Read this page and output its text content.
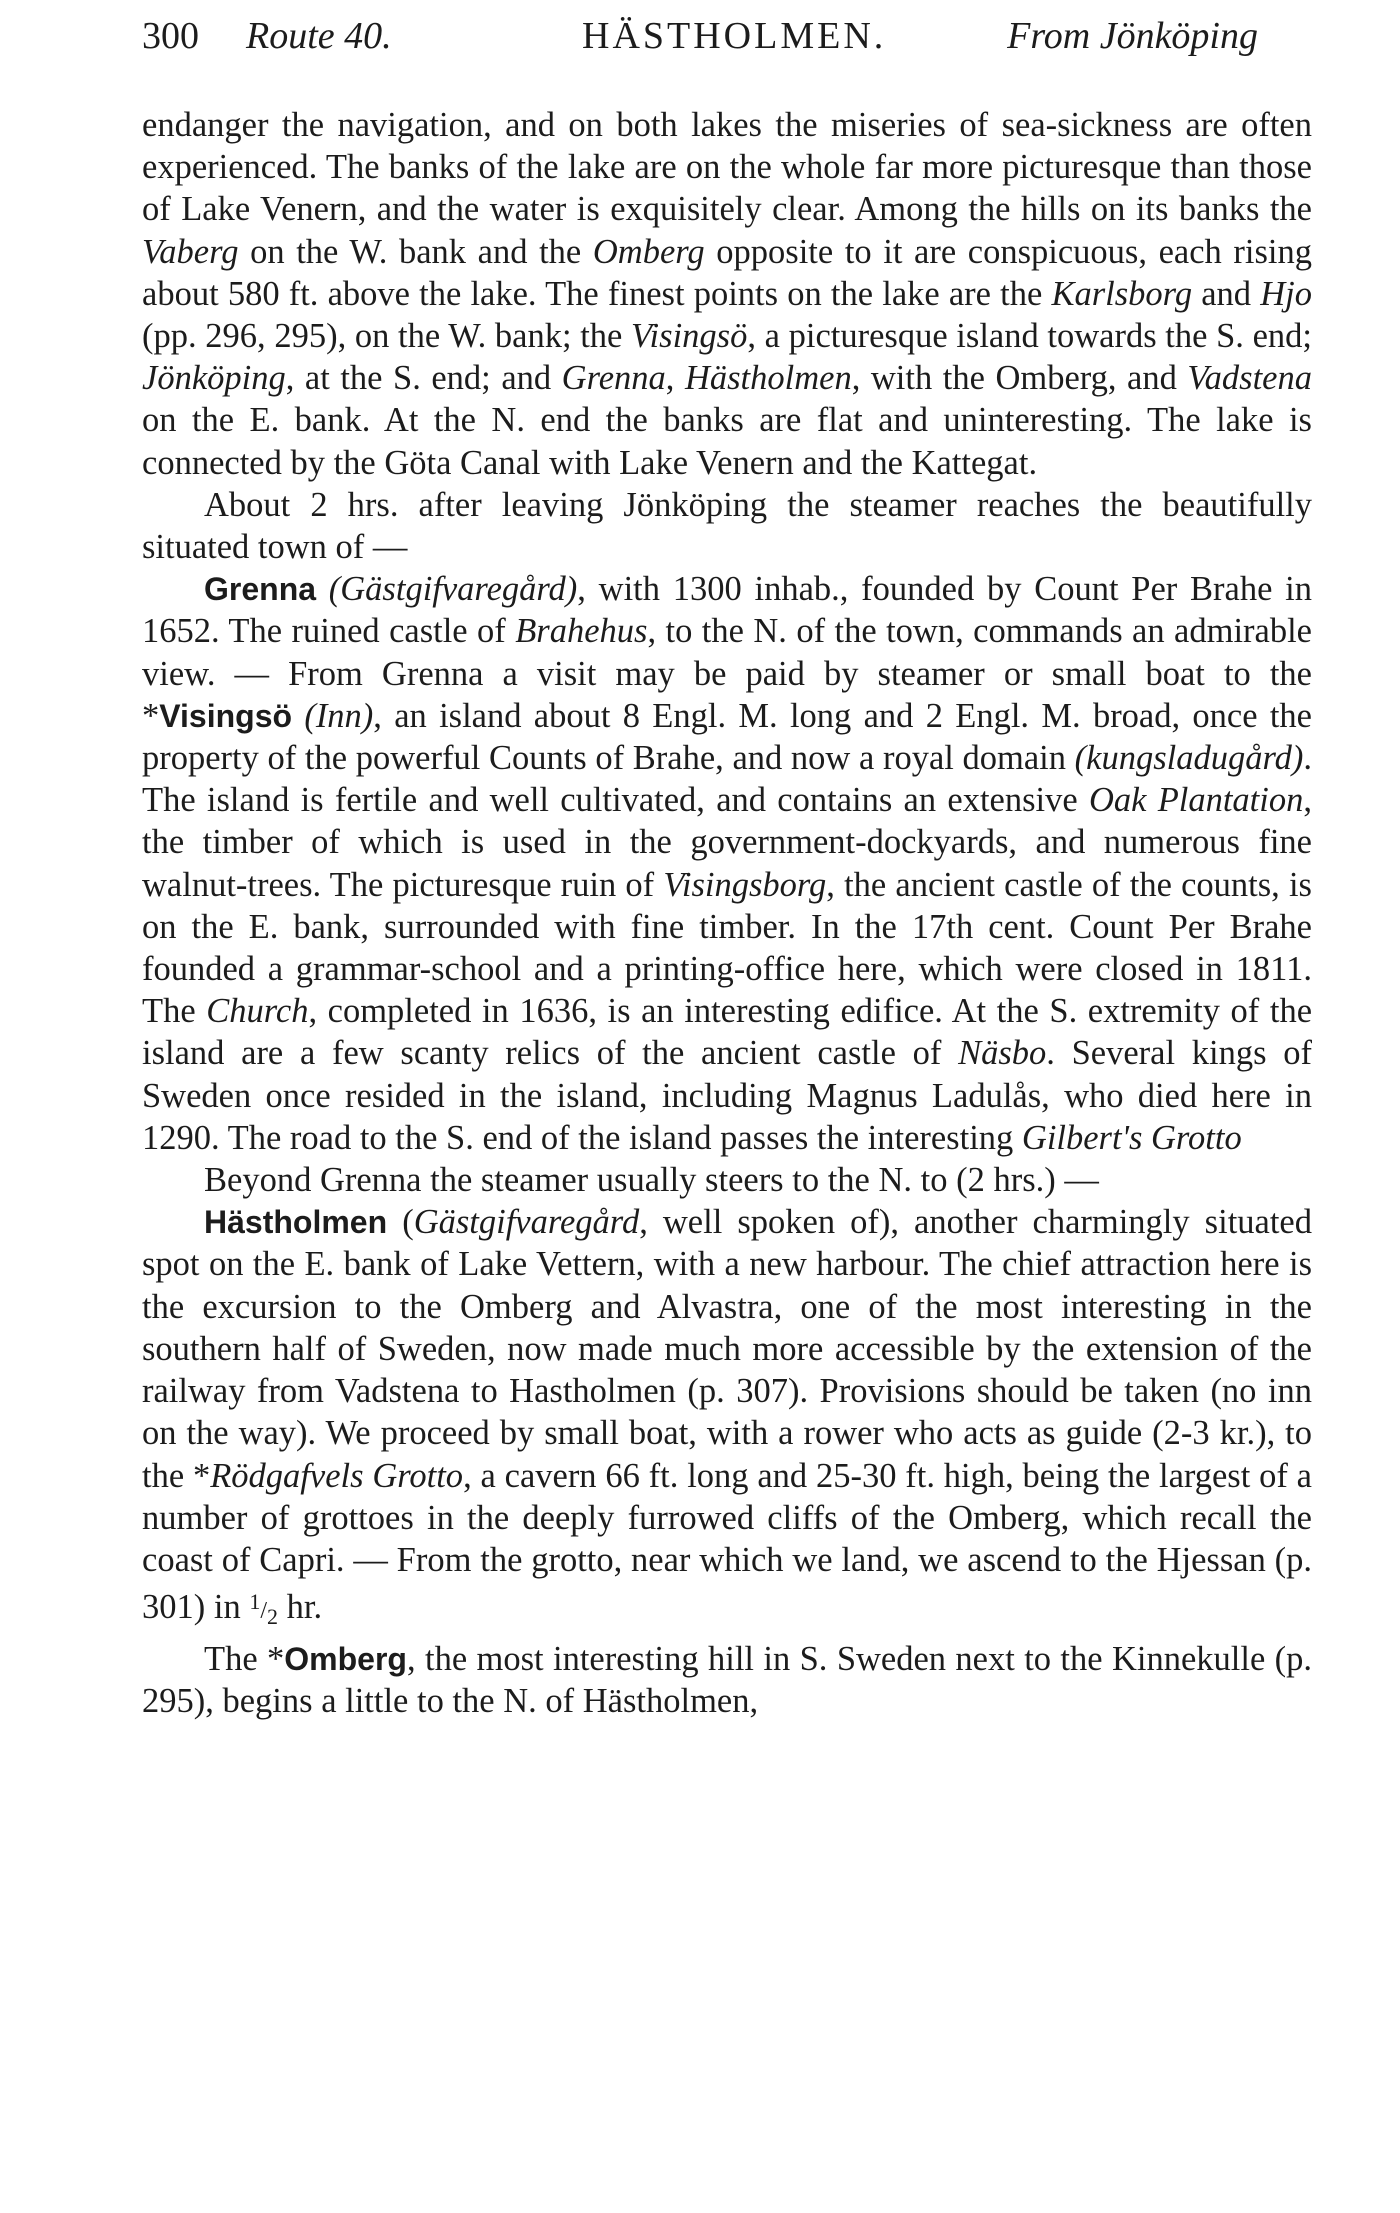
300 Route 40.	HÄSTHOLMEN.	From Jönköping

endanger the navigation, and on both lakes the miseries of sea-sickness are often experienced. The banks of the lake are on the whole far more picturesque than those of Lake Venern, and the water is exquisitely clear. Among the hills on its banks the Vaberg on the W. bank and the Omberg opposite to it are conspicuous, each rising about 580 ft. above the lake. The finest points on the lake are the Karlsborg and Hjo (pp. 296, 295), on the W. bank; the Visingsö, a picturesque island towards the S. end; Jönköping, at the S. end; and Grenna, Hästholmen, with the Omberg, and Vadstena on the E. bank. At the N. end the banks are flat and uninteresting. The lake is connected by the Göta Canal with Lake Venern and the Kattegat.

About 2 hrs. after leaving Jönköping the steamer reaches the beautifully situated town of —

Grenna (Gästgifvaregård), with 1300 inhab., founded by Count Per Brahe in 1652. The ruined castle of Brahehus, to the N. of the town, commands an admirable view. — From Grenna a visit may be paid by steamer or small boat to the *Visingsö (Inn), an island about 8 Engl. M. long and 2 Engl. M. broad, once the property of the powerful Counts of Brahe, and now a royal domain (kungsladugård). The island is fertile and well cultivated, and contains an extensive Oak Plantation, the timber of which is used in the government-dockyards, and numerous fine walnut-trees. The picturesque ruin of Visingsborg, the ancient castle of the counts, is on the E. bank, surrounded with fine timber. In the 17th cent. Count Per Brahe founded a grammar-school and a printing-office here, which were closed in 1811. The Church, completed in 1636, is an interesting edifice. At the S. extremity of the island are a few scanty relics of the ancient castle of Näsbo. Several kings of Sweden once resided in the island, including Magnus Ladulås, who died here in 1290. The road to the S. end of the island passes the interesting Gilbert's Grotto

Beyond Grenna the steamer usually steers to the N. to (2 hrs.) —

Hästholmen (Gästgifvaregård, well spoken of), another charmingly situated spot on the E. bank of Lake Vettern, with a new harbour. The chief attraction here is the excursion to the Omberg and Alvastra, one of the most interesting in the southern half of Sweden, now made much more accessible by the extension of the railway from Vadstena to Hastholmen (p. 307). Provisions should be taken (no inn on the way). We proceed by small boat, with a rower who acts as guide (2-3 kr.), to the *Rödgafvels Grotto, a cavern 66 ft. long and 25-30 ft. high, being the largest of a number of grottoes in the deeply furrowed cliffs of the Omberg, which recall the coast of Capri. — From the grotto, near which we land, we ascend to the Hjessan (p. 301) in $^1/_2$ hr.

The *Omberg, the most interesting hill in S. Sweden next to the Kinnekulle (p. 295), begins a little to the N. of Hästholmen,
